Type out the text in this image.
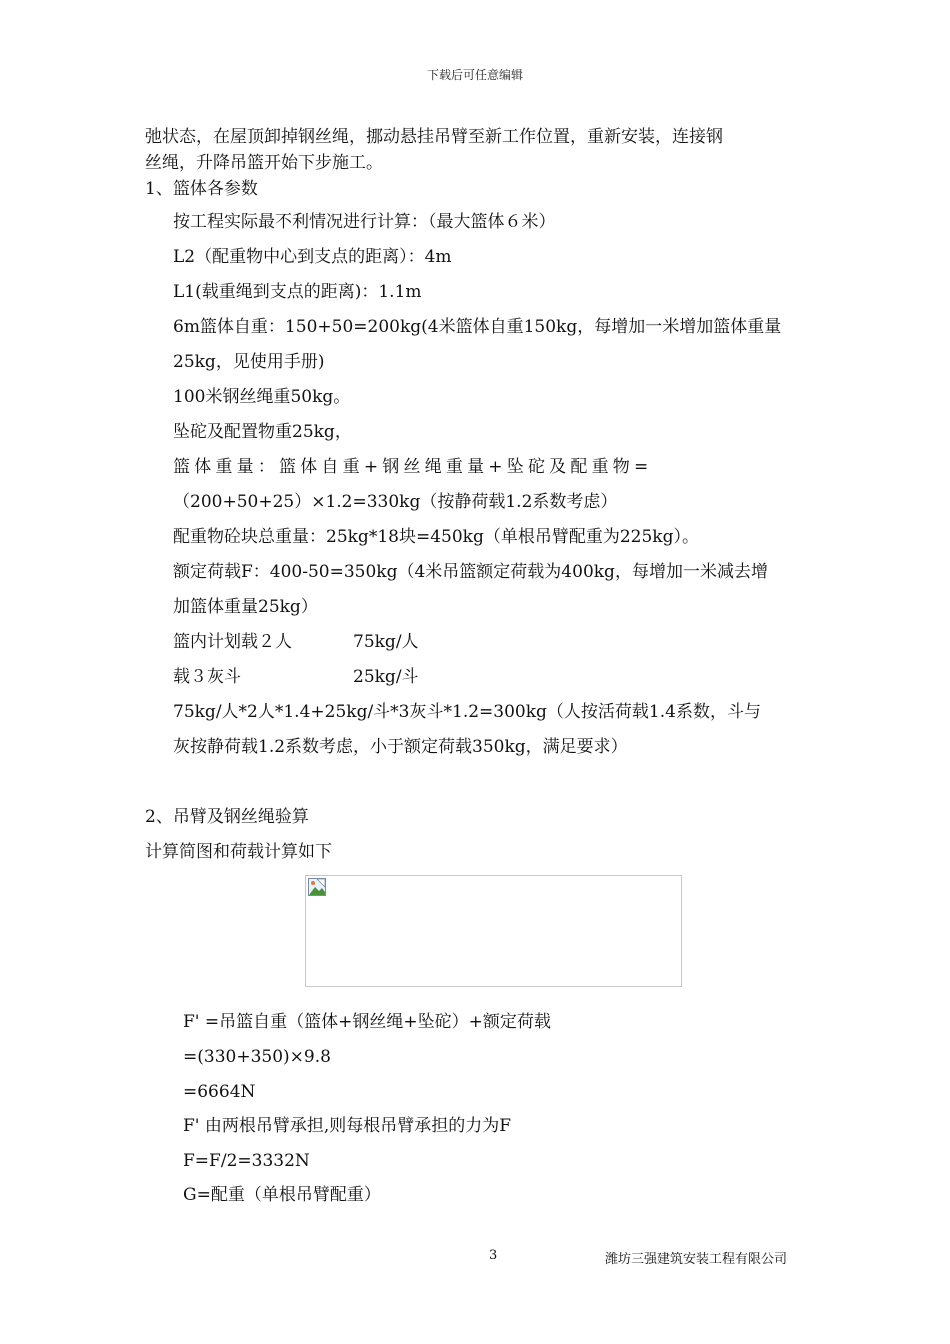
下载后可任意编辑
弛状态，在屋顶卸掉钢丝绳，挪动悬挂吊臂至新工作位置，重新安装，连接钢
丝绳，升降吊篮开始下步施工。
1、篮体各参数
按工程实际最不利情况进行计算：（最大篮体６米）
L2（配重物中心到支点的距离）：4m
L1(载重绳到支点的距离)：1.1m
6m篮体自重：150+50=200kg(4米篮体自重150kg，每增加一米增加篮体重量
25kg，见使用手册)
100米钢丝绳重50kg。
坠砣及配置物重25kg，
篮 体 重 量 ： 篮 体 自 重 + 钢 丝 绳 重 量 + 坠 砣 及 配 重 物 =
（200+50+25）×1.2=330kg（按静荷载1.2系数考虑）
配重物砼块总重量：25kg*18块=450kg（单根吊臂配重为225kg）。
额定荷载F：400-50=350kg（4米吊篮额定荷载为400kg，每增加一米减去增
加篮体重量25kg）
篮内计划载２人	75kg/人
载３灰斗	25kg/斗
75kg/人*2人*1.4+25kg/斗*3灰斗*1.2=300kg（人按活荷载1.4系数，斗与
灰按静荷载1.2系数考虑，小于额定荷载350kg，满足要求）
2、吊臂及钢丝绳验算
计算简图和荷载计算如下
F' =吊篮自重（篮体+钢丝绳+坠砣）+额定荷载
=(330+350)×9.8
=6664N
F' 由两根吊臂承担,则每根吊臂承担的力为F
F=F/2=3332N
G=配重（单根吊臂配重）
3	潍坊三强建筑安装工程有限公司
